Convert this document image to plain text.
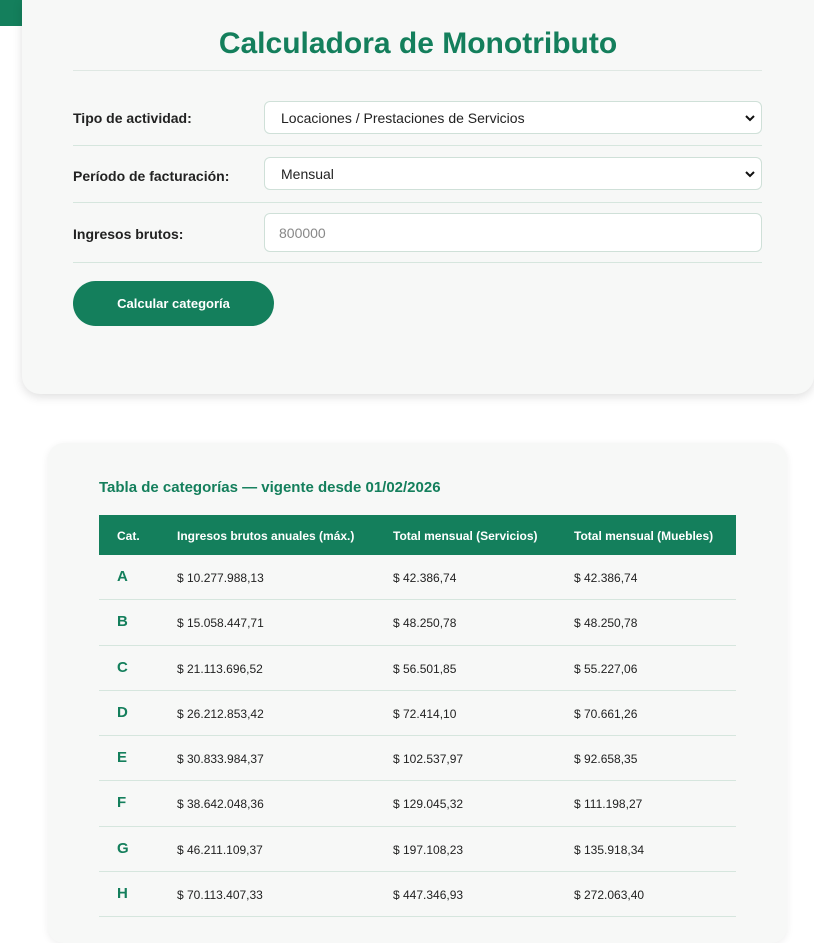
Calculadora de Monotributo
Tipo de actividad:	Locaciones / Prestaciones de Servicios
Período de facturación:	Mensual
Ingresos brutos:	800000
Calcular categoría
Tabla de categorías — vigente desde 01/02/2026
Cat.	Ingresos brutos anuales (máx.)	Total mensual (Servicios)	Total mensual (Muebles)
A	$ 10.277.988,13	$ 42.386,74	$ 42.386,74
B	$ 15.058.447,71	$ 48.250,78	$ 48.250,78
C	$ 21.113.696,52	$ 56.501,85	$ 55.227,06
D	$ 26.212.853,42	$ 72.414,10	$ 70.661,26
E	$ 30.833.984,37	$ 102.537,97	$ 92.658,35
F	$ 38.642.048,36	$ 129.045,32	$ 111.198,27
G	$ 46.211.109,37	$ 197.108,23	$ 135.918,34
H	$ 70.113.407,33	$ 447.346,93	$ 272.063,40
